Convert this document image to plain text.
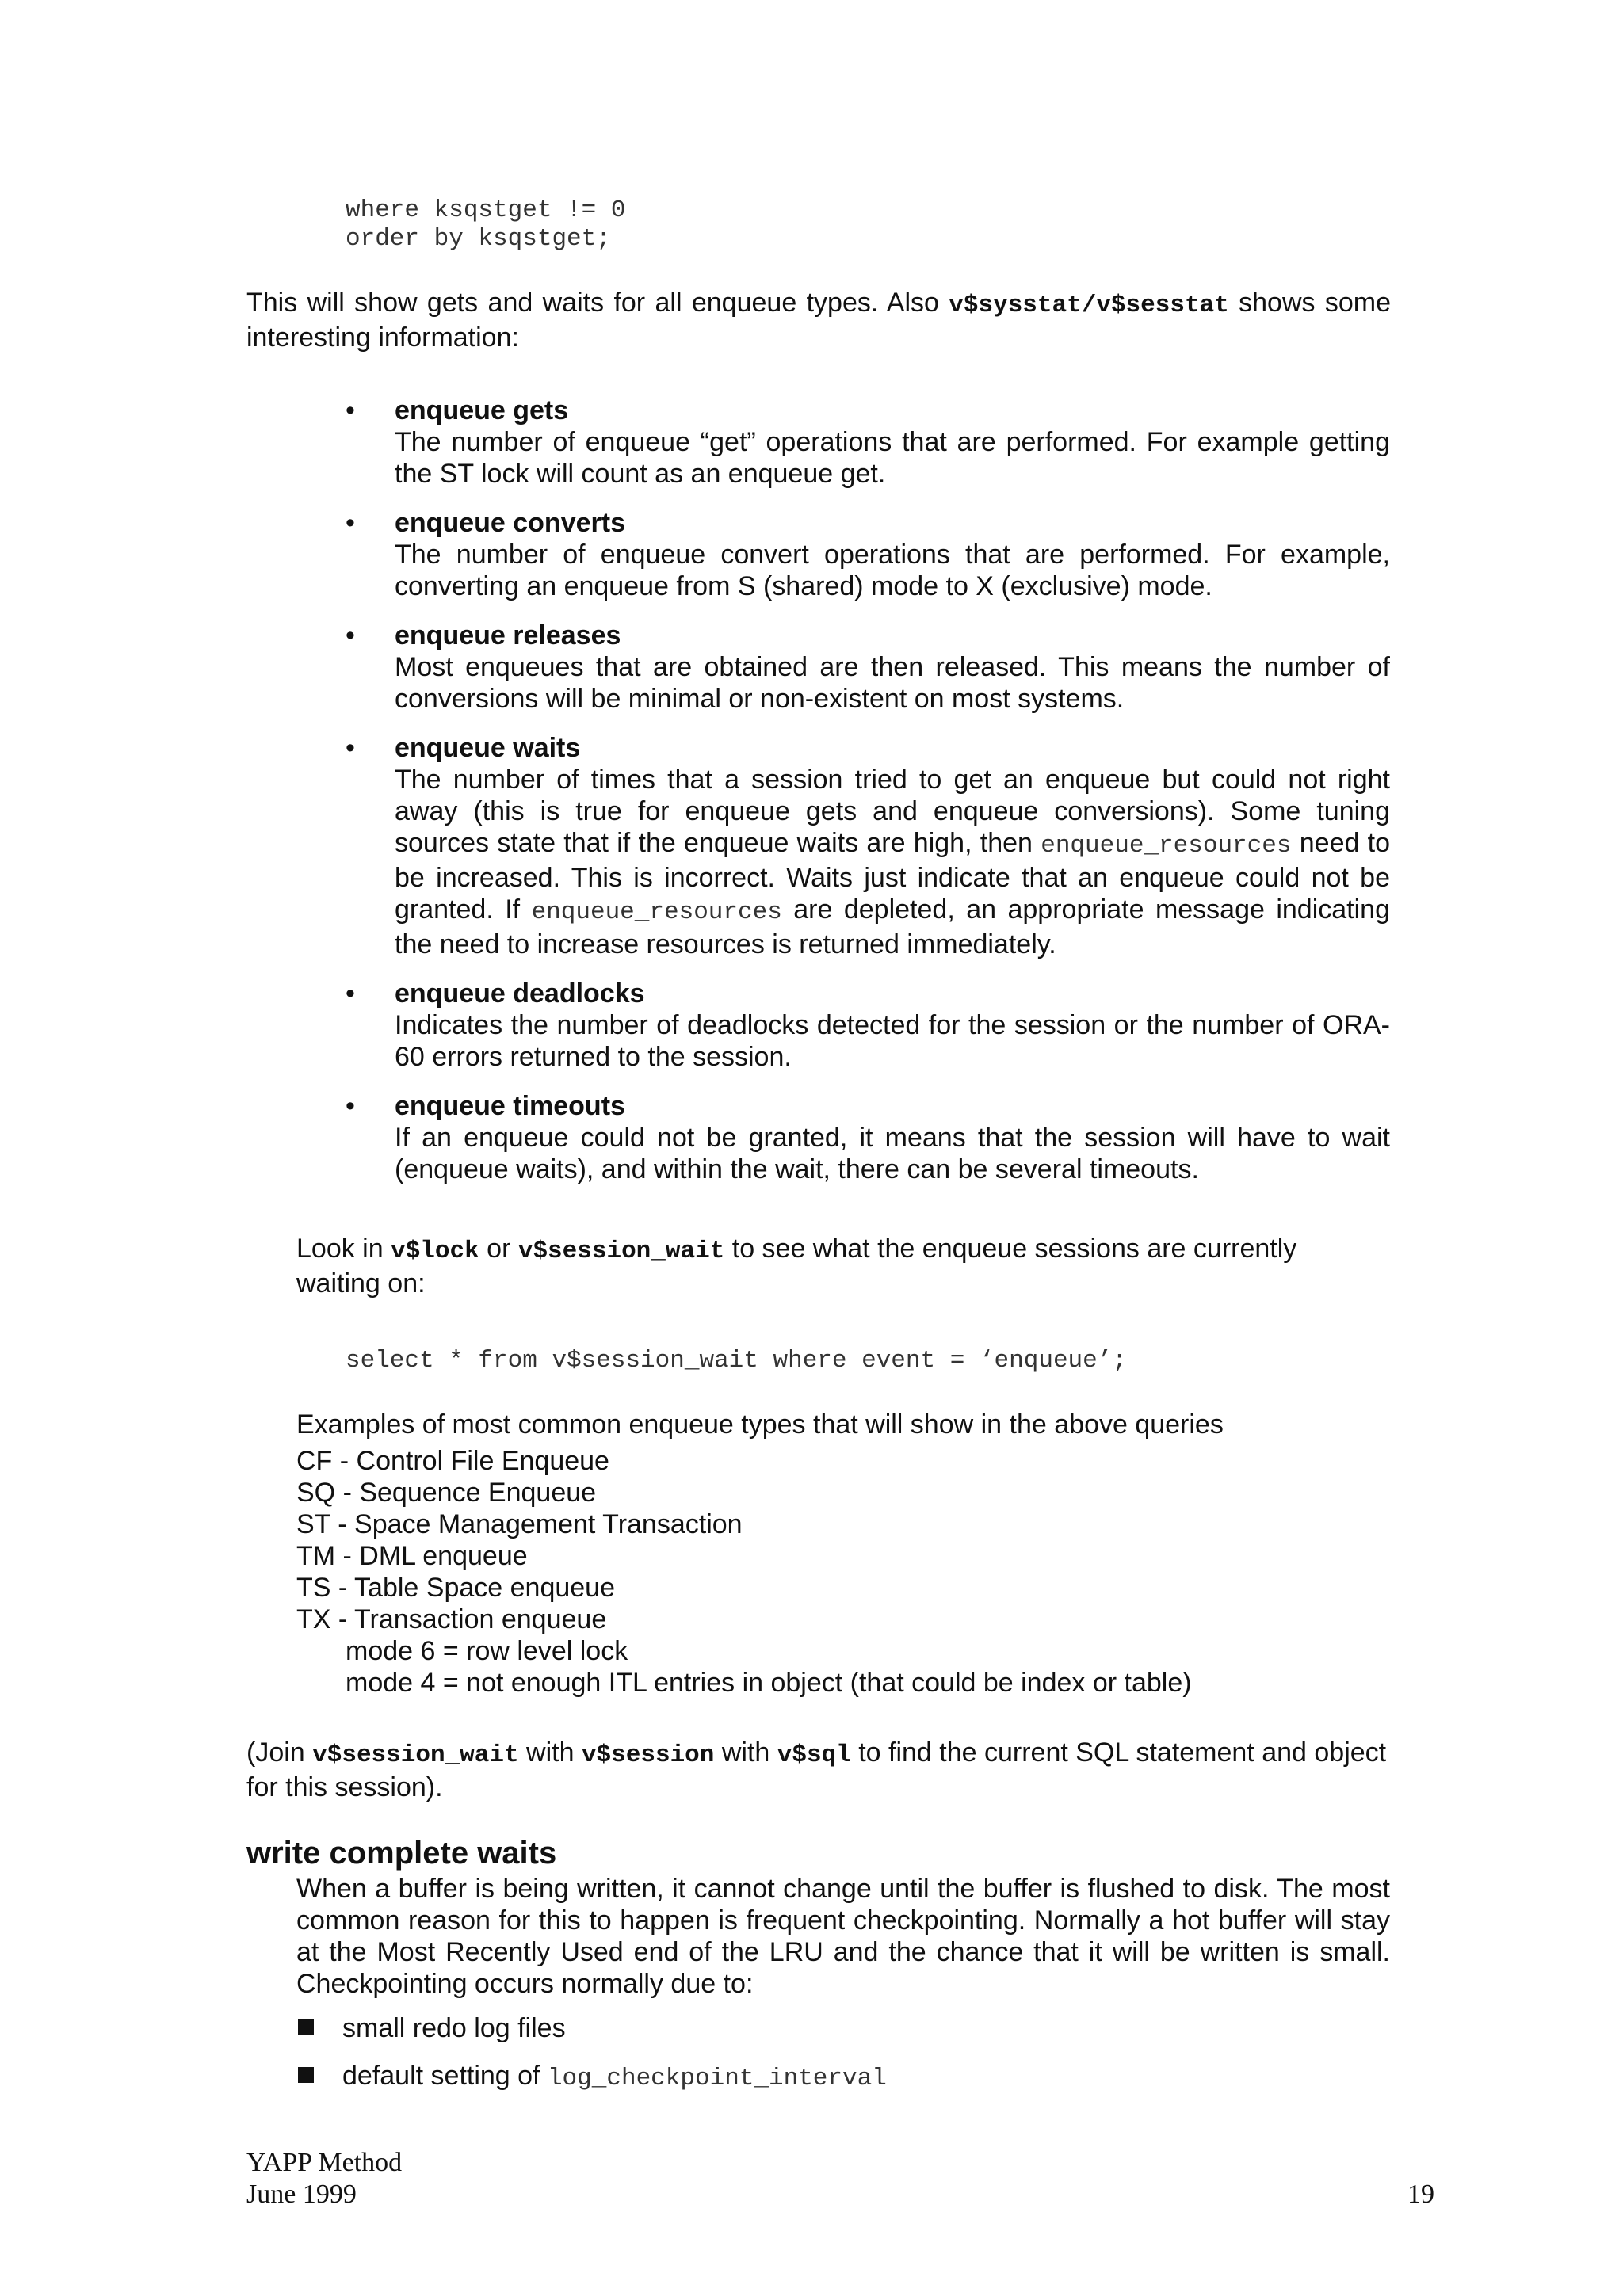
where ksqstget != 0
order by ksqstget;
This will show gets and waits for all enqueue types. Also v$sysstat/v$sesstat shows some interesting information:
• enqueue gets
The number of enqueue “get” operations that are performed. For example getting the ST lock will count as an enqueue get.
• enqueue converts
The number of enqueue convert operations that are performed. For example, converting an enqueue from S (shared) mode to X (exclusive) mode.
• enqueue releases
Most enqueues that are obtained are then released. This means the number of conversions will be minimal or non-existent on most systems.
• enqueue waits
The number of times that a session tried to get an enqueue but could not right away (this is true for enqueue gets and enqueue conversions). Some tuning sources state that if the enqueue waits are high, then enqueue_resources need to be increased. This is incorrect. Waits just indicate that an enqueue could not be granted. If enqueue_resources are depleted, an appropriate message indicating the need to increase resources is returned immediately.
• enqueue deadlocks
Indicates the number of deadlocks detected for the session or the number of ORA-60 errors returned to the session.
• enqueue timeouts
If an enqueue could not be granted, it means that the session will have to wait (enqueue waits), and within the wait, there can be several timeouts.
Look in v$lock or v$session_wait to see what the enqueue sessions are currently waiting on:
select * from v$session_wait where event = ‘enqueue’;
Examples of most common enqueue types that will show in the above queries
CF - Control File Enqueue
SQ - Sequence Enqueue
ST - Space Management Transaction
TM - DML enqueue
TS - Table Space enqueue
TX - Transaction enqueue
mode 6 = row level lock
mode 4 = not enough ITL entries in object (that could be index or table)
(Join v$session_wait with v$session with v$sql to find the current SQL statement and object for this session).
write complete waits
When a buffer is being written, it cannot change until the buffer is flushed to disk. The most common reason for this to happen is frequent checkpointing. Normally a hot buffer will stay at the Most Recently Used end of the LRU and the chance that it will be written is small. Checkpointing occurs normally due to:
small redo log files
default setting of log_checkpoint_interval
YAPP Method
June 1999	19
